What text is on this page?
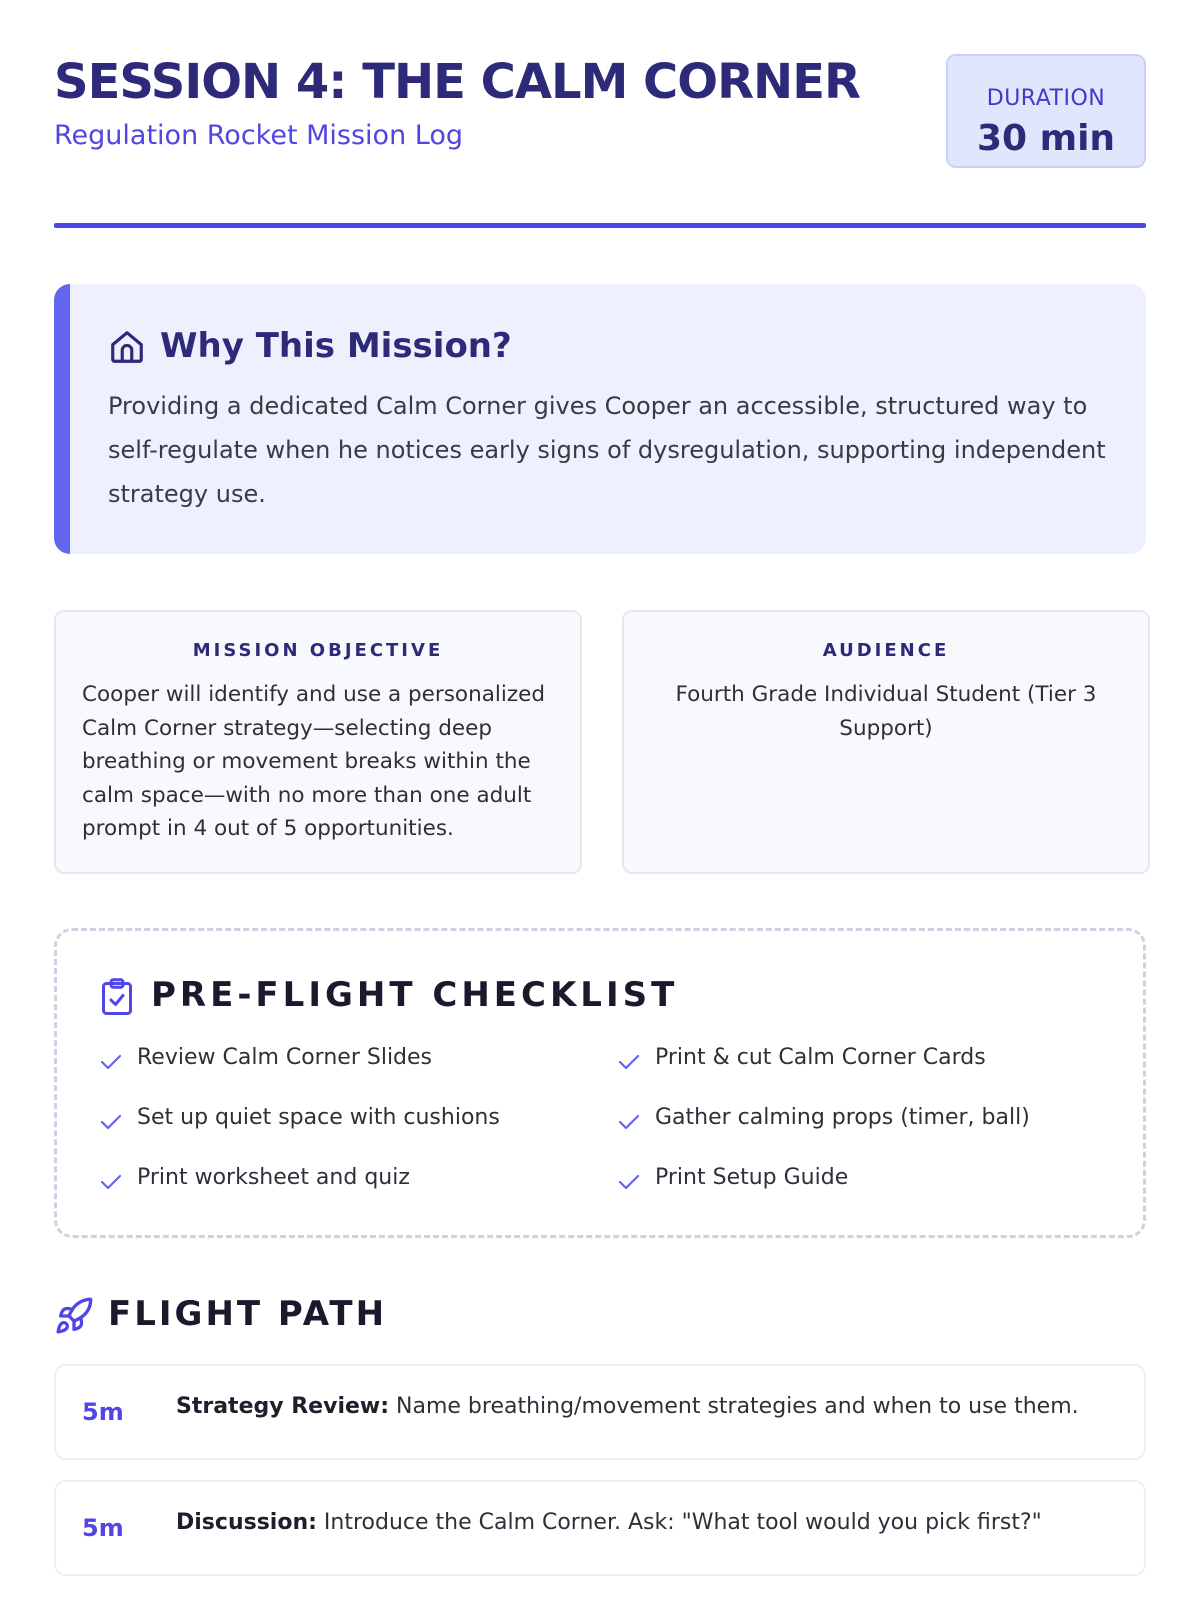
SESSION 4: THE CALM CORNER
Regulation Rocket Mission Log
DURATION
30 min
Why This Mission?
Providing a dedicated Calm Corner gives Cooper an accessible, structured way to self-regulate when he notices early signs of dysregulation, supporting independent strategy use.
MISSION OBJECTIVE
Cooper will identify and use a personalized Calm Corner strategy—selecting deep breathing or movement breaks within the calm space—with no more than one adult prompt in 4 out of 5 opportunities.
AUDIENCE
Fourth Grade Individual Student (Tier 3 Support)
PRE-FLIGHT CHECKLIST
Review Calm Corner Slides	Print & cut Calm Corner Cards
Set up quiet space with cushions	Gather calming props (timer, ball)
Print worksheet and quiz	Print Setup Guide
FLIGHT PATH
5m Strategy Review: Name breathing/movement strategies and when to use them.
5m Discussion: Introduce the Calm Corner. Ask: "What tool would you pick first?"
